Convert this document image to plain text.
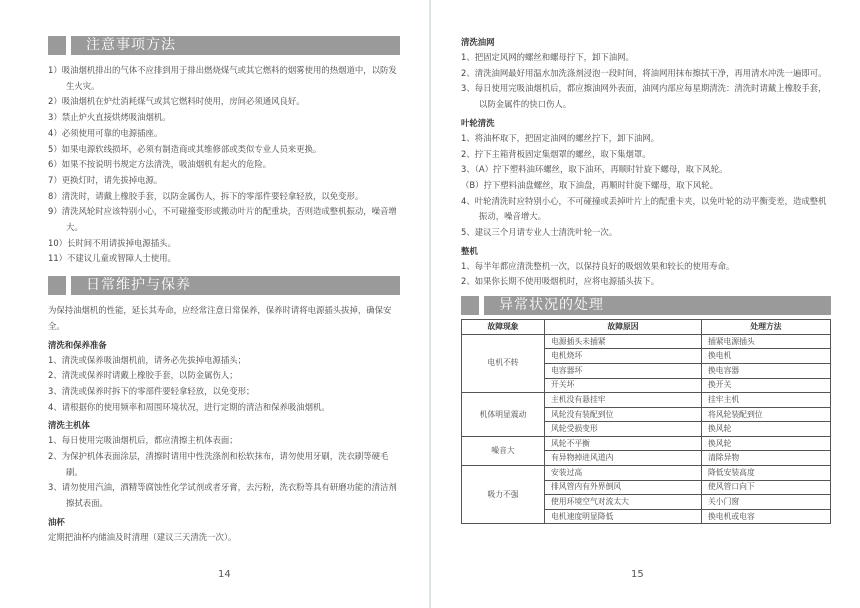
注意事项方法

1）吸油烟机排出的气体不应排到用于排出燃烧煤气或其它燃料的烟雾使用的热烟道中，以防发生火灾。

2）吸油烟机在炉灶消耗煤气或其它燃料时使用，房间必须通风良好。

3）禁止炉火直接烘烤吸油烟机。

4）必须使用可靠的电源插座。

5）如果电源软线损坏，必须有制造商或其维修部或类似专业人员来更换。

6）如果不按说明书规定方法清洗，吸油烟机有起火的危险。

7）更换灯时，请先拔掉电源。

8）清洗时，请戴上橡胶手套，以防金属伤人，拆下的零部件要轻拿轻放，以免变形。

9）清洗风轮时应该特别小心，不可碰撞变形或搬动叶片的配重块，否则造成整机振动，噪音增大。

10）长时间不用请拔掉电源插头。

11）不建议儿童或智障人士使用。

日常维护与保养

为保持油烟机的性能，延长其寿命，应经常注意日常保养，保养时请将电源插头拔掉，确保安全。

清洗和保养准备

1、清洗或保养吸油烟机前，请务必先拔掉电源插头；

2、清洗或保养时请戴上橡胶手套，以防金属伤人；

3、清洗或保养时拆下的零部件要轻拿轻放，以免变形；

4、请根据你的使用频率和周围环境状况，进行定期的清洁和保养吸油烟机。

清洗主机体

1、每日使用完吸油烟机后，都应清擦主机体表面；

2、为保护机体表面涂层，清擦时请用中性洗涤剂和松软抹布，请勿使用牙刷，洗衣刷等硬毛刷。

3、请勿使用汽油，酒精等腐蚀性化学试剂或者牙膏，去污粉，洗衣粉等具有研磨功能的清洁剂擦拭表面。

油杯

定期把油杯内储油及时清理（建议三天清洗一次）。

14

清洗油网

1、把固定风网的螺丝和螺母拧下，卸下油网。

2、清洗油网最好用温水加洗涤剂浸泡一段时间，将油网用抹布擦拭干净，再用清水冲洗一遍即可。

3、每日使用完吸油烟机后，都应擦油网外表面，油网内部应每星期清洗：清洗时请戴上橡胶手套，以防金属件的快口伤人。

叶轮清洗

1、将油杯取下，把固定油网的螺丝拧下，卸下油网。

2、拧下主箱背板固定集烟罩的螺丝，取下集烟罩。

3、（A）拧下塑料油环螺丝，取下油环，再顺时针旋下螺母，取下风轮。

（B）拧下塑料油盘螺丝，取下油盘，再顺时针旋下螺母，取下风轮。

4、叶轮清洗时应特别小心，不可碰撞或丢掉叶片上的配重卡夹，以免叶轮的动平衡变差，造成整机振动，噪音增大。

5、建议三个月请专业人士清洗叶轮一次。

整机

1、每半年都应清洗整机一次，以保持良好的吸烟效果和较长的使用寿命。

2、如果你长期不使用吸烟机时，应将电源插头拔下。

异常状况的处理
故障现象	故障原因	处理方法
电机不转	电源插头未插紧	插紧电源插头
	电机烧坏	换电机
	电容器坏	换电容器
	开关坏	换开关
机体明显震动	主机没有悬挂牢	挂牢主机
	风轮没有装配到位	将风轮装配到位
	风轮受损变形	换风轮
噪音大	风轮不平衡	换风轮
	有异物掉进风道内	清除异物
吸力不强	安装过高	降低安装高度
	排风管内有外界倒风	使风管口向下
	使用环境空气对流太大	关小门窗
	电机速度明显降低	换电机或电容
15
